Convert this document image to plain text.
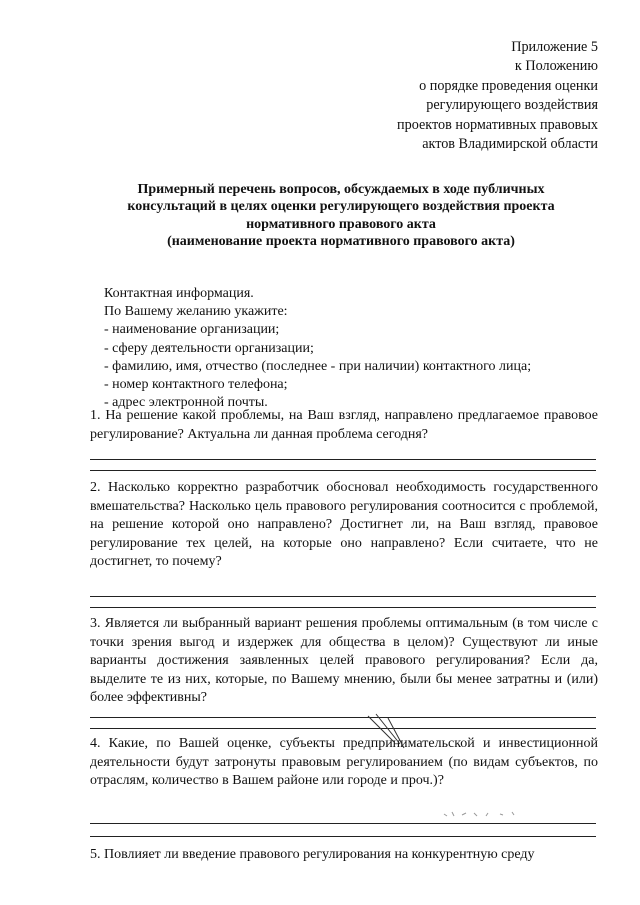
Приложение 5
к Положению
о порядке проведения оценки
регулирующего воздействия
проектов нормативных правовых
актов Владимирской области
Примерный перечень вопросов, обсуждаемых в ходе публичных
консультаций в целях оценки регулирующего воздействия проекта
нормативного правового акта
(наименование проекта нормативного правового акта)
Контактная информация.
По Вашему желанию укажите:
- наименование организации;
- сферу деятельности организации;
- фамилию, имя, отчество (последнее - при наличии) контактного лица;
- номер контактного телефона;
- адрес электронной почты.
1. На решение какой проблемы, на Ваш взгляд, направлено предлагаемое правовое регулирование? Актуальна ли данная проблема сегодня?
2. Насколько корректно разработчик обосновал необходимость государственного вмешательства? Насколько цель правового регулирования соотносится с проблемой, на решение которой оно направлено? Достигнет ли, на Ваш взгляд, правовое регулирование тех целей, на которые оно направлено? Если считаете, что не достигнет, то почему?
3. Является ли выбранный вариант решения проблемы оптимальным (в том числе с точки зрения выгод и издержек для общества в целом)? Существуют ли иные варианты достижения заявленных целей правового регулирования? Если да, выделите те из них, которые, по Вашему мнению, были бы менее затратны и (или) более эффективны?
4. Какие, по Вашей оценке, субъекты предпринимательской и инвестиционной деятельности будут затронуты правовым регулированием (по видам субъектов, по отраслям, количество в Вашем районе или городе и проч.)?
5. Повлияет ли введение правового регулирования на конкурентную среду
